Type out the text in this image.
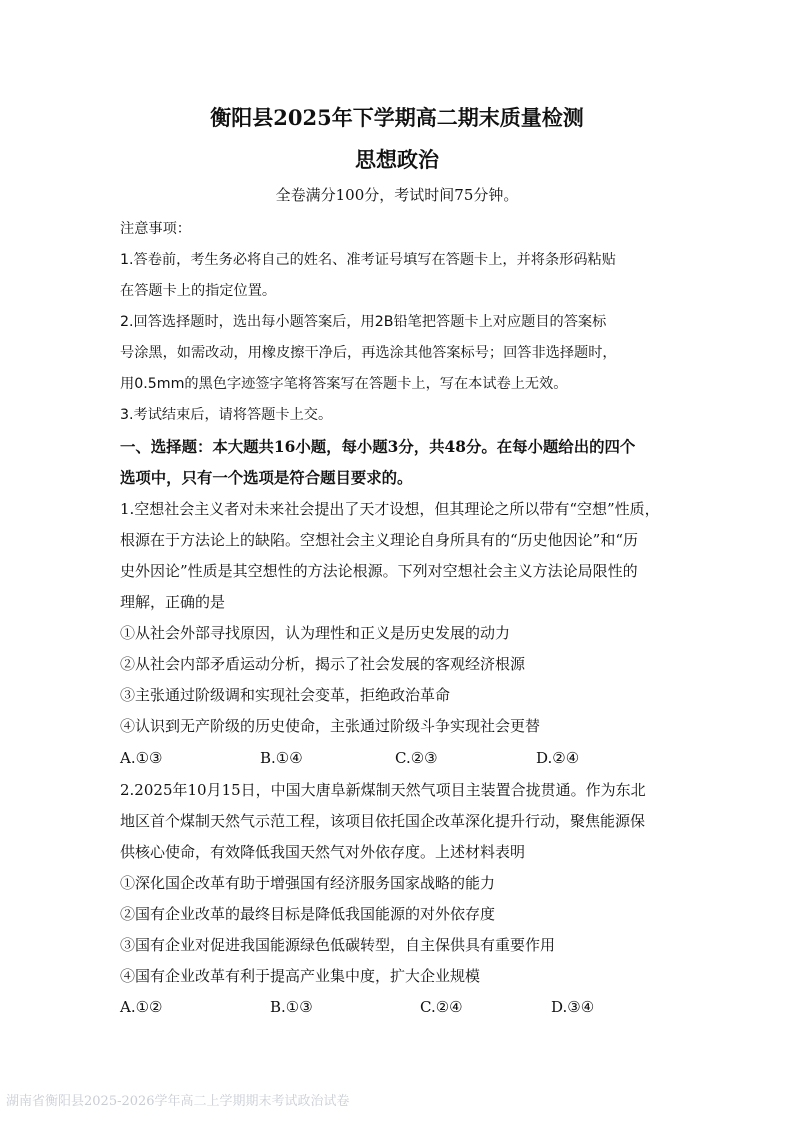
衡阳县2025年下学期高二期末质量检测
思想政治
全卷满分100分，考试时间75分钟。
注意事项：
1.答卷前，考生务必将自己的姓名、准考证号填写在答题卡上，并将条形码粘贴
在答题卡上的指定位置。
2.回答选择题时，选出每小题答案后，用2B铅笔把答题卡上对应题目的答案标
号涂黑，如需改动，用橡皮擦干净后，再选涂其他答案标号；回答非选择题时，
用0.5mm的黑色字迹签字笔将答案写在答题卡上，写在本试卷上无效。
3.考试结束后，请将答题卡上交。
一、选择题：本大题共16小题，每小题3分，共48分。在每小题给出的四个
选项中，只有一个选项是符合题目要求的。
1.空想社会主义者对未来社会提出了天才设想，但其理论之所以带有“空想”性质，
根源在于方法论上的缺陷。空想社会主义理论自身所具有的“历史他因论”和“历
史外因论”性质是其空想性的方法论根源。下列对空想社会主义方法论局限性的
理解，正确的是
①从社会外部寻找原因，认为理性和正义是历史发展的动力
②从社会内部矛盾运动分析，揭示了社会发展的客观经济根源
③主张通过阶级调和实现社会变革，拒绝政治革命
④认识到无产阶级的历史使命，主张通过阶级斗争实现社会更替
A.①③	B.①④	C.②③	D.②④
2.2025年10月15日，中国大唐阜新煤制天然气项目主装置合拢贯通。作为东北
地区首个煤制天然气示范工程，该项目依托国企改革深化提升行动，聚焦能源保
供核心使命，有效降低我国天然气对外依存度。上述材料表明
①深化国企改革有助于增强国有经济服务国家战略的能力
②国有企业改革的最终目标是降低我国能源的对外依存度
③国有企业对促进我国能源绿色低碳转型，自主保供具有重要作用
④国有企业改革有利于提高产业集中度，扩大企业规模
A.①②	B.①③	C.②④	D.③④
湖南省衡阳县2025-2026学年高二上学期期末考试政治试卷
